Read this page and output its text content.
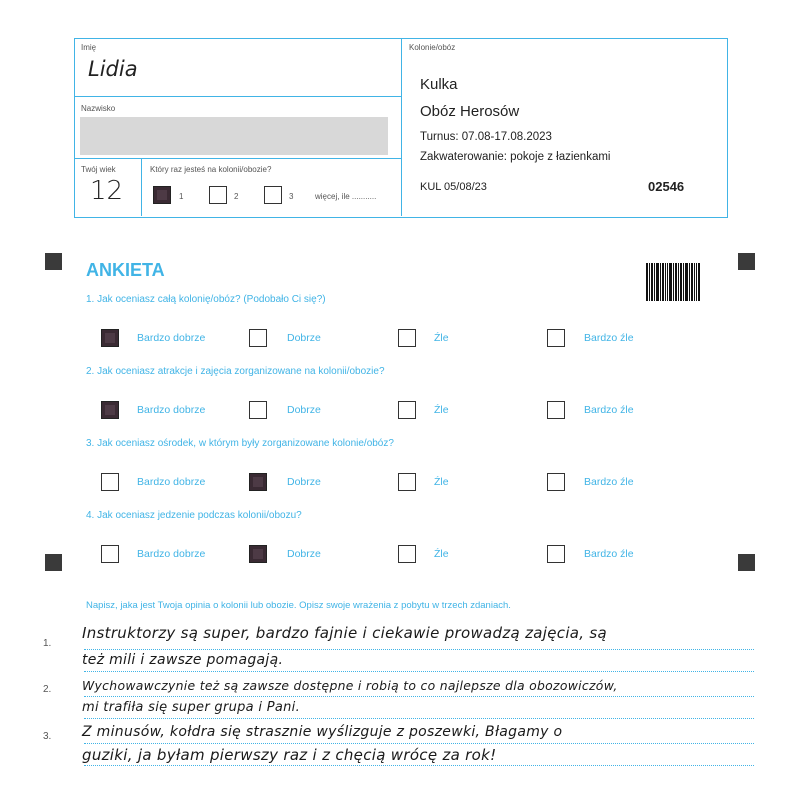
Imię
Lidia
Nazwisko
Twój wiek
12
Który raz jesteś na kolonii/obozie?
1	2	3	więcej, ile ...........
Kolonie/obóz
Kulka
Obóz Herosów
Turnus: 07.08-17.08.2023
Zakwaterowanie: pokoje z łazienkami
KUL 05/08/23	02546
ANKIETA
1. Jak oceniasz całą kolonię/obóz? (Podobało Ci się?)
Bardzo dobrze	Dobrze	Źle	Bardzo źle
2. Jak oceniasz atrakcje i zajęcia zorganizowane na kolonii/obozie?
Bardzo dobrze	Dobrze	Źle	Bardzo źle
3. Jak oceniasz ośrodek, w którym były zorganizowane kolonie/obóz?
Bardzo dobrze	Dobrze	Źle	Bardzo źle
4. Jak oceniasz jedzenie podczas kolonii/obozu?
Bardzo dobrze	Dobrze	Źle	Bardzo źle
Napisz, jaka jest Twoja opinia o kolonii lub obozie. Opisz swoje wrażenia z pobytu w trzech zdaniach.
1.
2.
3.
Instruktorzy są super, bardzo fajnie i ciekawie prowadzą zajęcia, są
też mili i zawsze pomagają.
Wychowawczynie też są zawsze dostępne i robią to co najlepsze dla obozowiczów,
mi trafiła się super grupa i Pani.
Z minusów, kołdra się strasznie wyślizguje z poszewki, Błagamy o
guziki, ja byłam pierwszy raz i z chęcią wrócę za rok!
